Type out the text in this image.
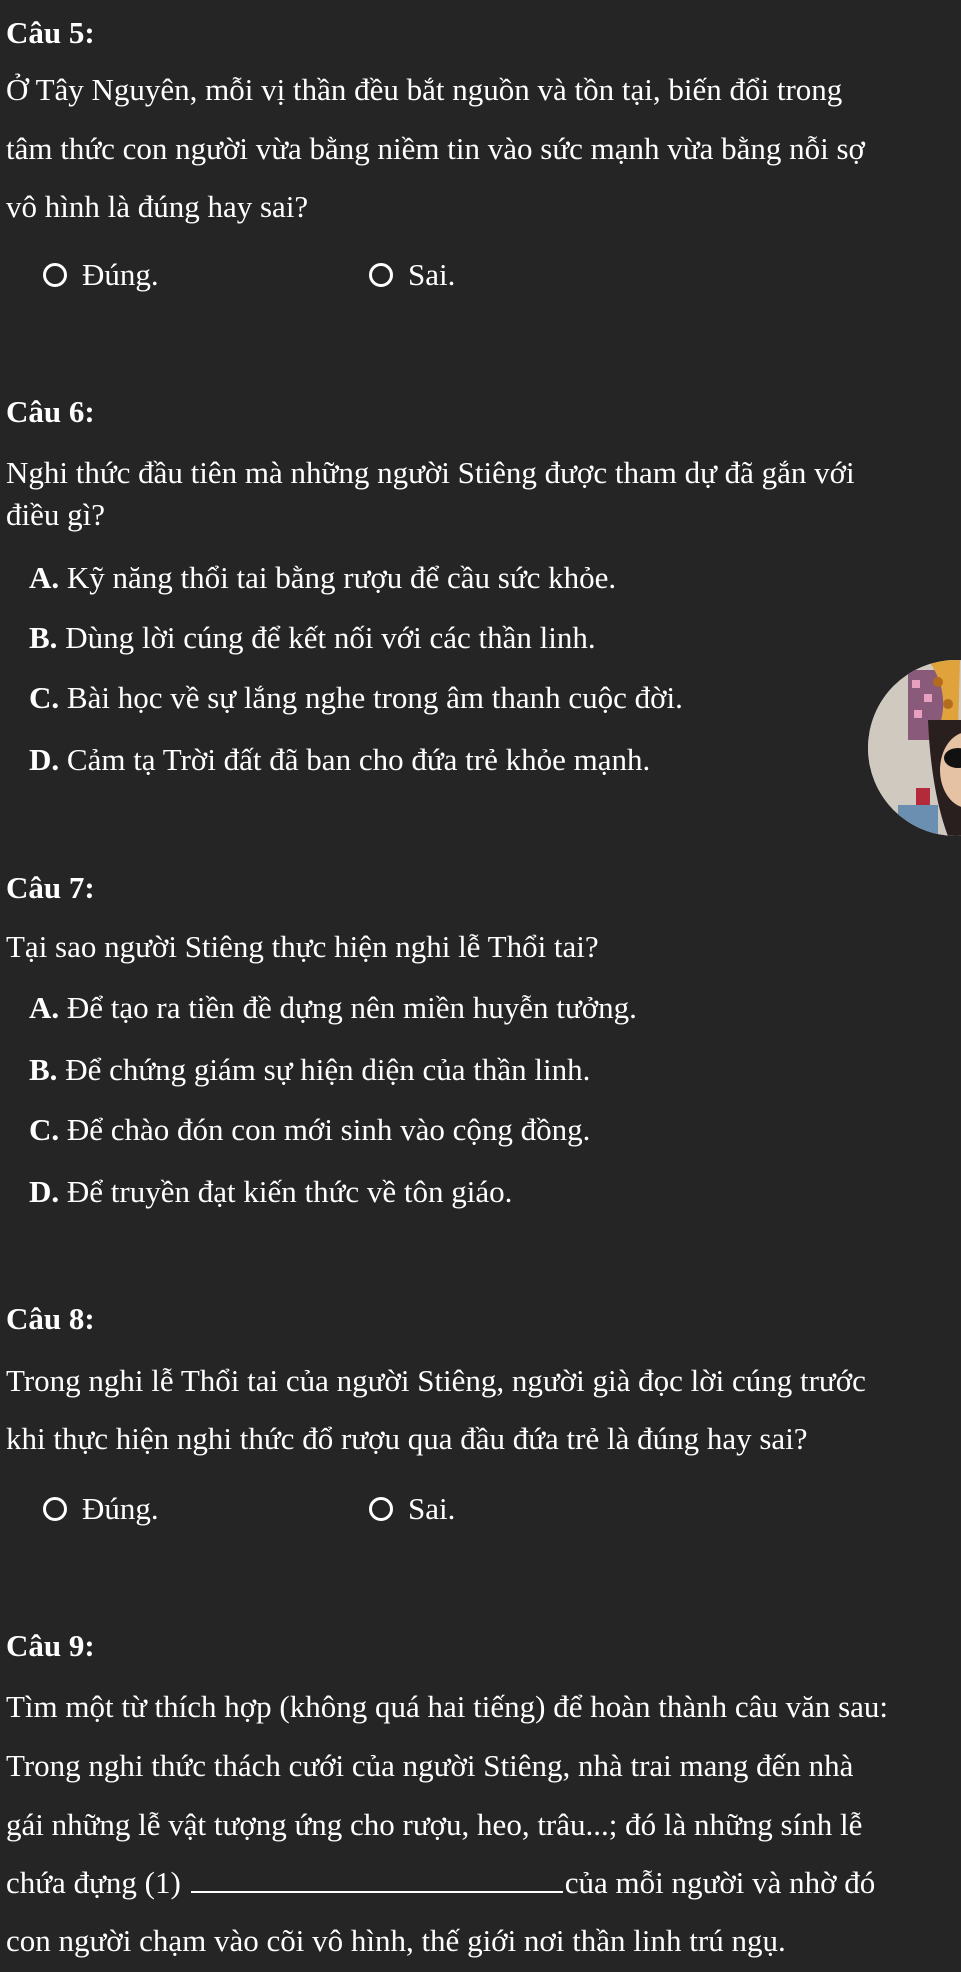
Câu 5:
Ở Tây Nguyên, mỗi vị thần đều bắt nguồn và tồn tại, biến đổi trong
tâm thức con người vừa bằng niềm tin vào sức mạnh vừa bằng nỗi sợ
vô hình là đúng hay sai?
Đúng.	Sai.
Câu 6:
Nghi thức đầu tiên mà những người Stiêng được tham dự đã gắn với
điều gì?
A. Kỹ năng thổi tai bằng rượu để cầu sức khỏe.
B. Dùng lời cúng để kết nối với các thần linh.
C. Bài học về sự lắng nghe trong âm thanh cuộc đời.
D. Cảm tạ Trời đất đã ban cho đứa trẻ khỏe mạnh.
Câu 7:
Tại sao người Stiêng thực hiện nghi lễ Thổi tai?
A. Để tạo ra tiền đề dựng nên miền huyễn tưởng.
B. Để chứng giám sự hiện diện của thần linh.
C. Để chào đón con mới sinh vào cộng đồng.
D. Để truyền đạt kiến thức về tôn giáo.
Câu 8:
Trong nghi lễ Thổi tai của người Stiêng, người già đọc lời cúng trước
khi thực hiện nghi thức đổ rượu qua đầu đứa trẻ là đúng hay sai?
Đúng.	Sai.
Câu 9:
Tìm một từ thích hợp (không quá hai tiếng) để hoàn thành câu văn sau:
Trong nghi thức thách cưới của người Stiêng, nhà trai mang đến nhà
gái những lễ vật tượng ứng cho rượu, heo, trâu...; đó là những sính lễ
chứa đựng (1)	của mỗi người và nhờ đó
con người chạm vào cõi vô hình, thế giới nơi thần linh trú ngụ.
